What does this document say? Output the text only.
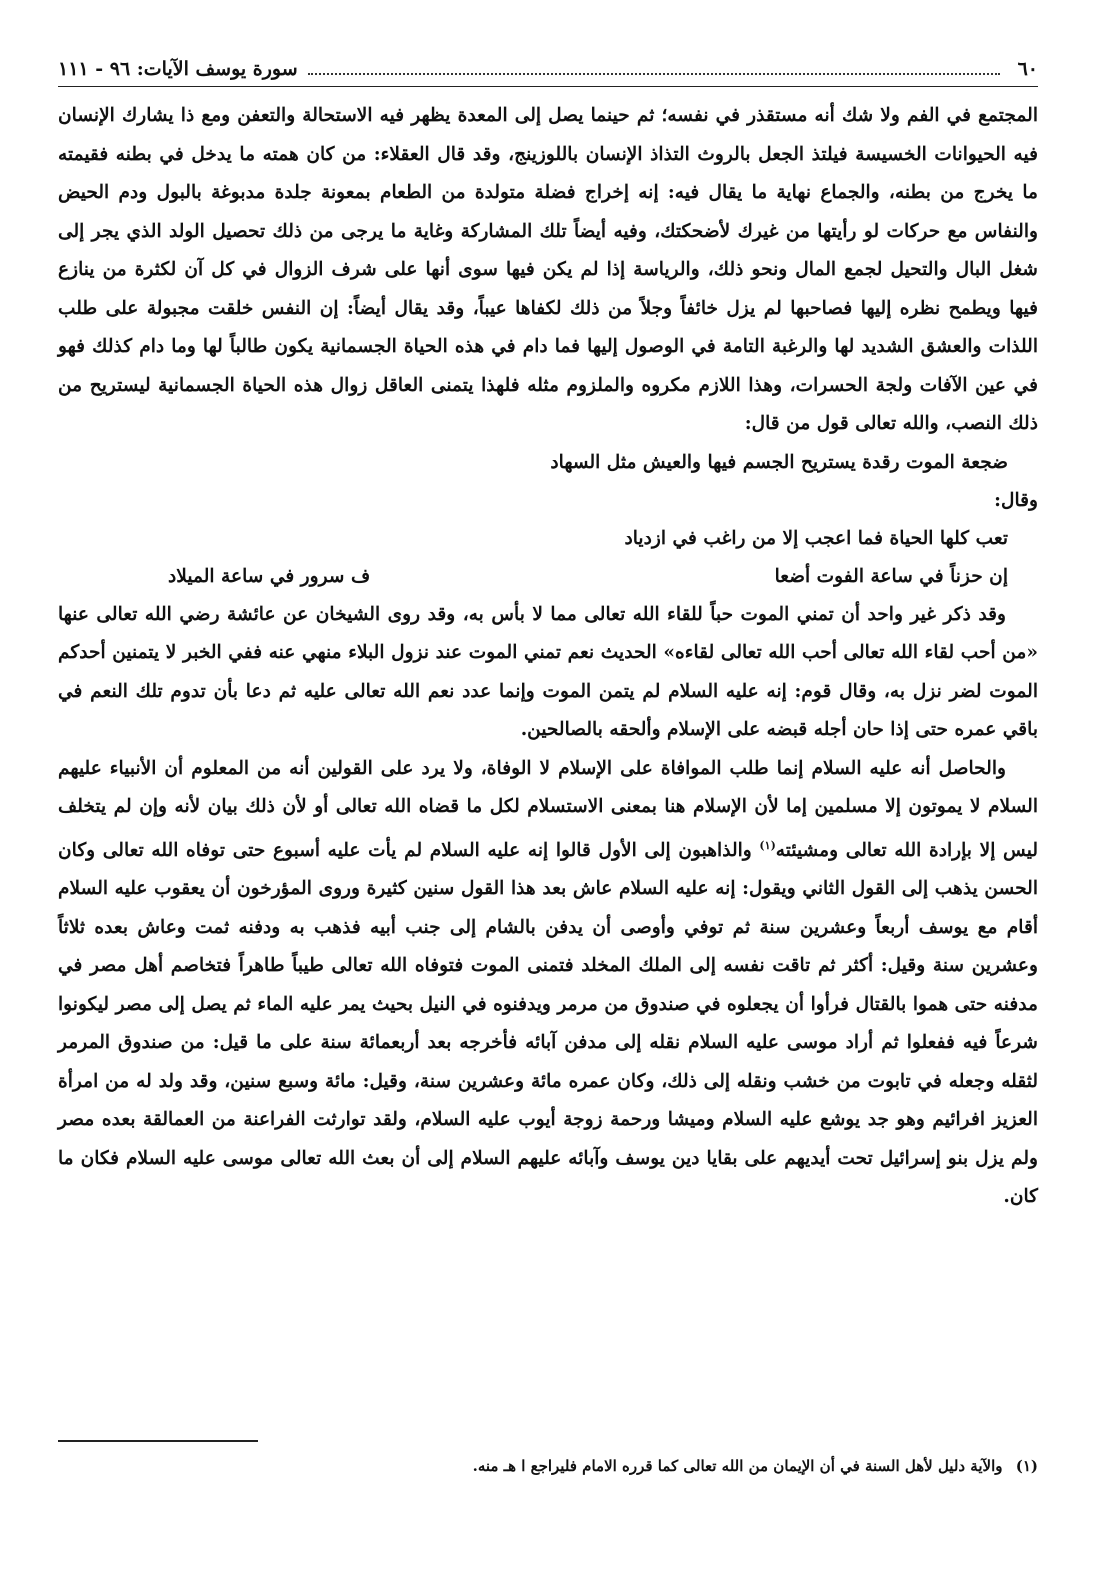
٦٠
سورة يوسف الآيات: ٩٦ - ١١١

المجتمع في الفم ولا شك أنه مستقذر في نفسه؛ ثم حينما يصل إلى المعدة يظهر فيه الاستحالة والتعفن ومع ذا يشارك الإنسان فيه الحيوانات الخسيسة فيلتذ الجعل بالروث التذاذ الإنسان باللوزينج، وقد قال العقلاء: من كان همته ما يدخل في بطنه فقيمته ما يخرج من بطنه، والجماع نهاية ما يقال فيه: إنه إخراج فضلة متولدة من الطعام بمعونة جلدة مدبوغة بالبول ودم الحيض والنفاس مع حركات لو رأيتها من غيرك لأضحكتك، وفيه أيضاً تلك المشاركة وغاية ما يرجى من ذلك تحصيل الولد الذي يجر إلى شغل البال والتحيل لجمع المال ونحو ذلك، والرياسة إذا لم يكن فيها سوى أنها على شرف الزوال في كل آن لكثرة من ينازع فيها ويطمح نظره إليها فصاحبها لم يزل خائفاً وجلاً من ذلك لكفاها عيباً، وقد يقال أيضاً: إن النفس خلقت مجبولة على طلب اللذات والعشق الشديد لها والرغبة التامة في الوصول إليها فما دام في هذه الحياة الجسمانية يكون طالباً لها وما دام كذلك فهو في عين الآفات ولجة الحسرات، وهذا اللازم مكروه والملزوم مثله فلهذا يتمنى العاقل زوال هذه الحياة الجسمانية ليستريح من ذلك النصب، والله تعالى قول من قال:

ضجعة الموت رقدة يستريح الجسم فيها والعيش مثل السهاد

وقال:

تعب كلها الحياة فما اعجب إلا من راغب في ازدياد

إن حزناً في ساعة الفوت أضعا
ف سرور في ساعة الميلاد

وقد ذكر غير واحد أن تمني الموت حباً للقاء الله تعالى مما لا بأس به، وقد روى الشيخان عن عائشة رضي الله تعالى عنها «من أحب لقاء الله تعالى أحب الله تعالى لقاءه» الحديث نعم تمني الموت عند نزول البلاء منهي عنه ففي الخبر لا يتمنين أحدكم الموت لضر نزل به، وقال قوم: إنه عليه السلام لم يتمن الموت وإنما عدد نعم الله تعالى عليه ثم دعا بأن تدوم تلك النعم في باقي عمره حتى إذا حان أجله قبضه على الإسلام وألحقه بالصالحين.

والحاصل أنه عليه السلام إنما طلب الموافاة على الإسلام لا الوفاة، ولا يرد على القولين أنه من المعلوم أن الأنبياء عليهم السلام لا يموتون إلا مسلمين إما لأن الإسلام هنا بمعنى الاستسلام لكل ما قضاه الله تعالى أو لأن ذلك بيان لأنه وإن لم يتخلف ليس إلا بإرادة الله تعالى ومشيئته$^{(١)}$ والذاهبون إلى الأول قالوا إنه عليه السلام لم يأت عليه أسبوع حتى توفاه الله تعالى وكان الحسن يذهب إلى القول الثاني ويقول: إنه عليه السلام عاش بعد هذا القول سنين كثيرة وروى المؤرخون أن يعقوب عليه السلام أقام مع يوسف أربعاً وعشرين سنة ثم توفي وأوصى أن يدفن بالشام إلى جنب أبيه فذهب به ودفنه ثمت وعاش بعده ثلاثاً وعشرين سنة وقيل: أكثر ثم تاقت نفسه إلى الملك المخلد فتمنى الموت فتوفاه الله تعالى طيباً طاهراً فتخاصم أهل مصر في مدفنه حتى هموا بالقتال فرأوا أن يجعلوه في صندوق من مرمر ويدفنوه في النيل بحيث يمر عليه الماء ثم يصل إلى مصر ليكونوا شرعاً فيه ففعلوا ثم أراد موسى عليه السلام نقله إلى مدفن آبائه فأخرجه بعد أربعمائة سنة على ما قيل: من صندوق المرمر لثقله وجعله في تابوت من خشب ونقله إلى ذلك، وكان عمره مائة وعشرين سنة، وقيل: مائة وسبع سنين، وقد ولد له من امرأة العزيز افرائيم وهو جد يوشع عليه السلام وميشا ورحمة زوجة أيوب عليه السلام، ولقد توارثت الفراعنة من العمالقة بعده مصر ولم يزل بنو إسرائيل تحت أيديهم على بقايا دين يوسف وآبائه عليهم السلام إلى أن بعث الله تعالى موسى عليه السلام فكان ما كان.

(١) والآية دليل لأهل السنة في أن الإيمان من الله تعالى كما قرره الامام فليراجع ا هـ منه.
